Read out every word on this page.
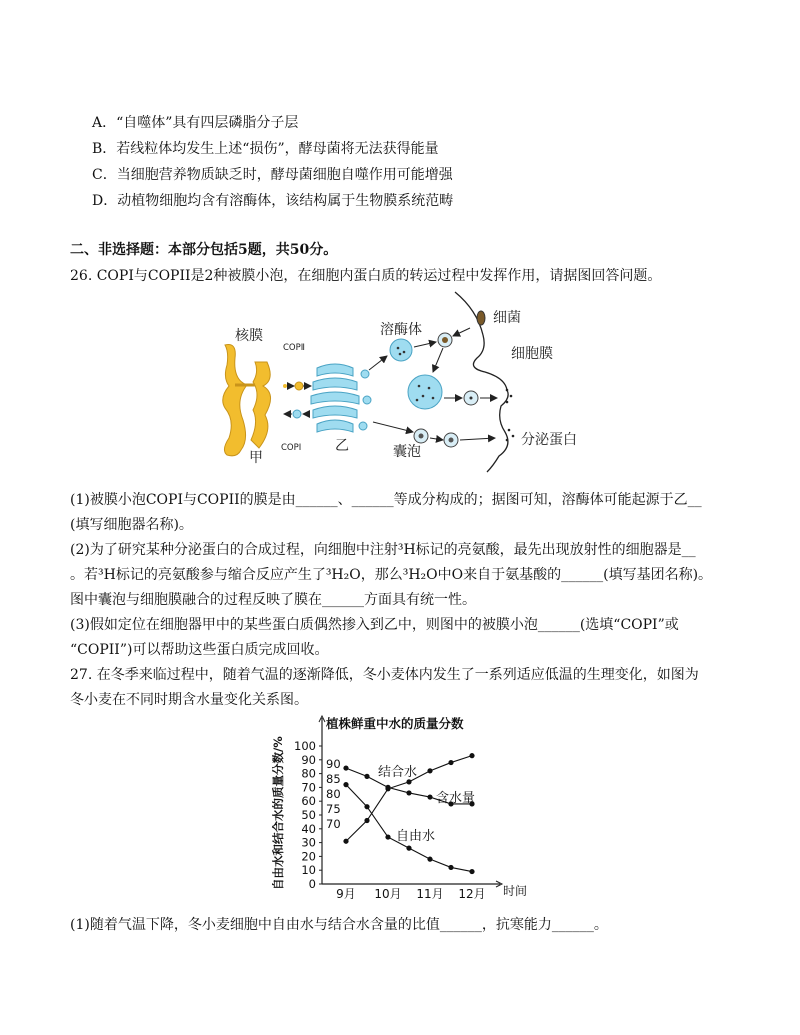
A．“自噬体”具有四层磷脂分子层
B．若线粒体均发生上述“损伤”，酵母菌将无法获得能量
C．当细胞营养物质缺乏时，酵母菌细胞自噬作用可能增强
D．动植物细胞均含有溶酶体，该结构属于生物膜系统范畴
二、非选择题：本部分包括5题，共50分。
26. COPI与COPII是2种被膜小泡，在细胞内蛋白质的转运过程中发挥作用，请据图回答问题。
核膜
甲
乙
COPⅡ
COPⅠ
溶酶体
细菌
细胞膜
囊泡
分泌蛋白
(1)被膜小泡COPI与COPII的膜是由______、______等成分构成的；据图可知，溶酶体可能起源于乙__
(填写细胞器名称)。
(2)为了研究某种分泌蛋白的合成过程，向细胞中注射³H标记的亮氨酸，最先出现放射性的细胞器是__
。若³H标记的亮氨酸参与缩合反应产生了³H₂O，那么³H₂O中O来自于氨基酸的______(填写基团名称)。
图中囊泡与细胞膜融合的过程反映了膜在______方面具有统一性。
(3)假如定位在细胞器甲中的某些蛋白质偶然掺入到乙中，则图中的被膜小泡______(选填“COPI”或
“COPII”)可以帮助这些蛋白质完成回收。
27. 在冬季来临过程中，随着气温的逐渐降低，冬小麦体内发生了一系列适应低温的生理变化，如图为
冬小麦在不同时期含水量变化关系图。
植株鲜重中水的质量分数
自由水和结合水的质量分数/%
时间
0
10
20
30
40
50
60
70
80
90
100
70
75
80
85
90
9月 10月 11月 12月
结合水
含水量
自由水
(1)随着气温下降，冬小麦细胞中自由水与结合水含量的比值______，抗寒能力______。
